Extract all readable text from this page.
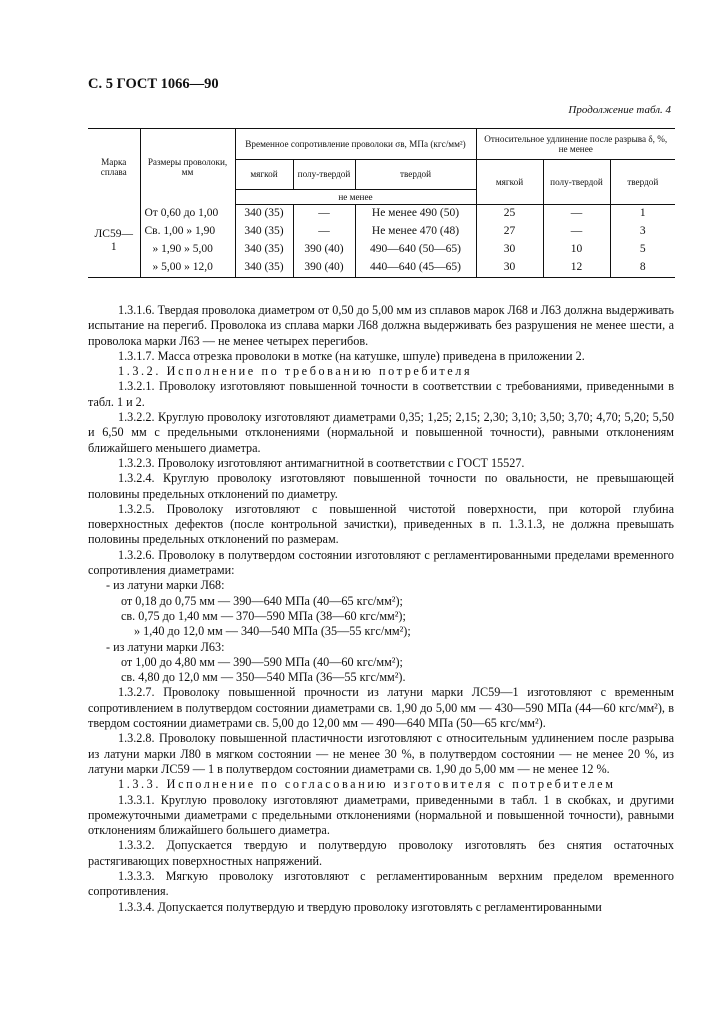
С. 5 ГОСТ 1066—90
Продолжение табл. 4
Марка сплава	Размеры проволоки, мм	Временное сопротивление проволоки σв, МПа (кгс/мм²)			Относительное удлинение после разрыва δ, %, не менее		
		мягкой	полу-твердой	твердой	мягкой	полу-твердой	твердой
		не менее					
ЛС59—1	От 0,60 до 1,00	340 (35)	—	Не менее 490 (50)	25	—	1
	Св. 1,00 » 1,90	340 (35)	—	Не менее 470 (48)	27	—	3
	» 1,90 » 5,00	340 (35)	390 (40)	490—640 (50—65)	30	10	5
	» 5,00 » 12,0	340 (35)	390 (40)	440—640 (45—65)	30	12	8

1.3.1.6. Твердая проволока диаметром от 0,50 до 5,00 мм из сплавов марок Л68 и Л63 должна выдерживать испытание на перегиб. Проволока из сплава марки Л68 должна выдерживать без разрушения не менее шести, а проволока марки Л63 — не менее четырех перегибов.

1.3.1.7. Масса отрезка проволоки в мотке (на катушке, шпуле) приведена в приложении 2.

1.3.2. Исполнение по требованию потребителя

1.3.2.1. Проволоку изготовляют повышенной точности в соответствии с требованиями, приведенными в табл. 1 и 2.

1.3.2.2. Круглую проволоку изготовляют диаметрами 0,35; 1,25; 2,15; 2,30; 3,10; 3,50; 3,70; 4,70; 5,20; 5,50 и 6,50 мм с предельными отклонениями (нормальной и повышенной точности), равными отклонениям ближайшего меньшего диаметра.

1.3.2.3. Проволоку изготовляют антимагнитной в соответствии с ГОСТ 15527.

1.3.2.4. Круглую проволоку изготовляют повышенной точности по овальности, не превышающей половины предельных отклонений по диаметру.

1.3.2.5. Проволоку изготовляют с повышенной чистотой поверхности, при которой глубина поверхностных дефектов (после контрольной зачистки), приведенных в п. 1.3.1.3, не должна превышать половины предельных отклонений по размерам.

1.3.2.6. Проволоку в полутвердом состоянии изготовляют с регламентированными пределами временного сопротивления диаметрами:

- из латуни марки Л68:

от 0,18 до 0,75 мм — 390—640 МПа (40—65 кгс/мм²);

св. 0,75 до 1,40 мм — 370—590 МПа (38—60 кгс/мм²);

» 1,40 до 12,0 мм — 340—540 МПа (35—55 кгс/мм²);

- из латуни марки Л63:

от 1,00 до 4,80 мм — 390—590 МПа (40—60 кгс/мм²);

св. 4,80 до 12,0 мм — 350—540 МПа (36—55 кгс/мм²).

1.3.2.7. Проволоку повышенной прочности из латуни марки ЛС59—1 изготовляют с временным сопротивлением в полутвердом состоянии диаметрами св. 1,90 до 5,00 мм — 430—590 МПа (44—60 кгс/мм²), в твердом состоянии диаметрами св. 5,00 до 12,00 мм — 490—640 МПа (50—65 кгс/мм²).

1.3.2.8. Проволоку повышенной пластичности изготовляют с относительным удлинением после разрыва из латуни марки Л80 в мягком состоянии — не менее 30 %, в полутвердом состоянии — не менее 20 %, из латуни марки ЛС59 — 1 в полутвердом состоянии диаметрами св. 1,90 до 5,00 мм — не менее 12 %.

1.3.3. Исполнение по согласованию изготовителя с потребителем

1.3.3.1. Круглую проволоку изготовляют диаметрами, приведенными в табл. 1 в скобках, и другими промежуточными диаметрами с предельными отклонениями (нормальной и повышенной точности), равными отклонениям ближайшего большего диаметра.

1.3.3.2. Допускается твердую и полутвердую проволоку изготовлять без снятия остаточных растягивающих поверхностных напряжений.

1.3.3.3. Мягкую проволоку изготовляют с регламентированным верхним пределом временного сопротивления.

1.3.3.4. Допускается полутвердую и твердую проволоку изготовлять с регламентированными
